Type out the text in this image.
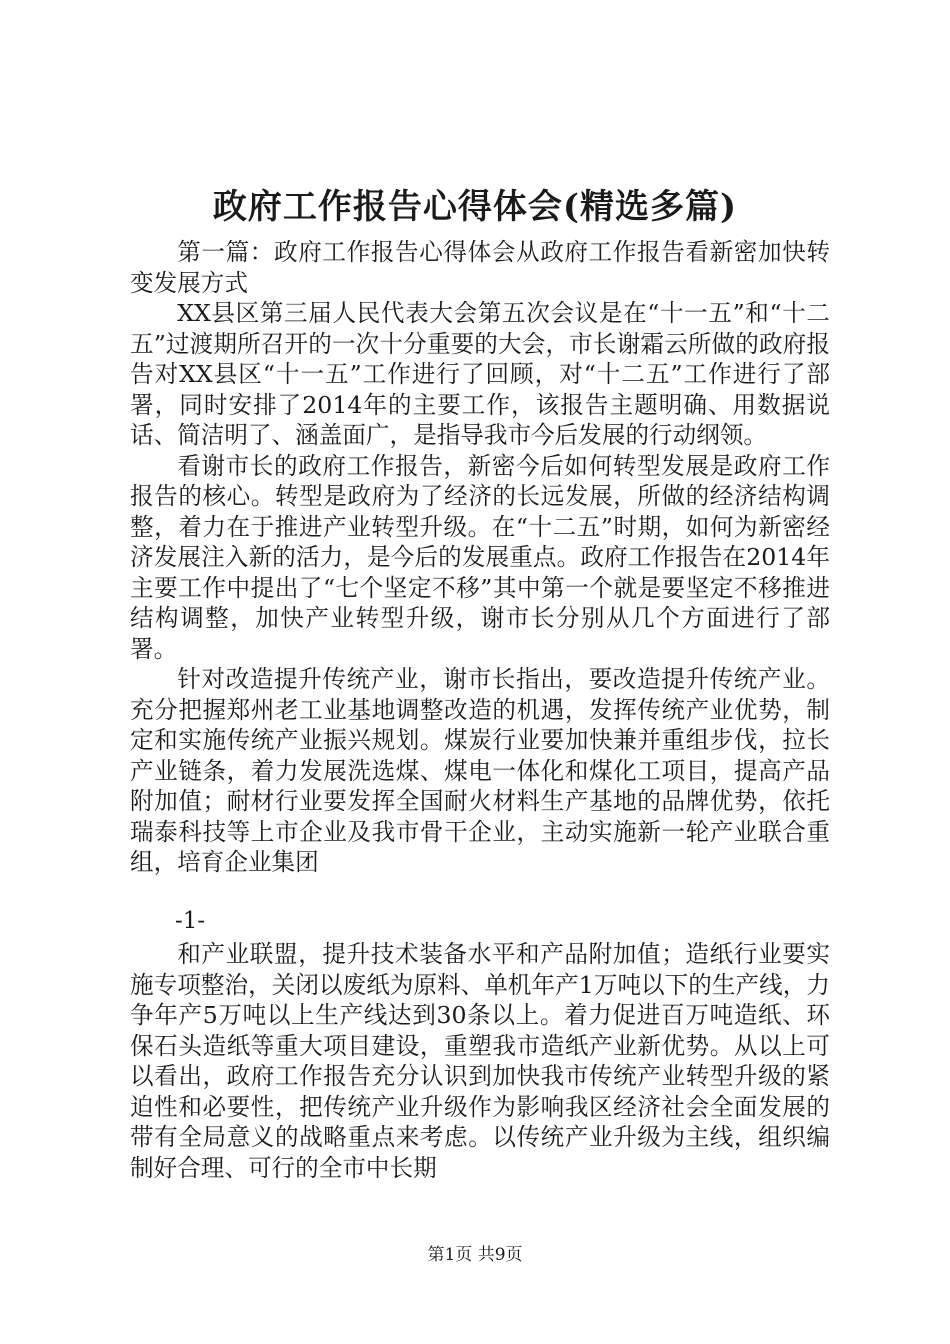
政府工作报告心得体会(精选多篇)

第一篇：政府工作报告心得体会从政府工作报告看新密加快转变发展方式

XX县区第三届人民代表大会第五次会议是在“十一五”和“十二五”过渡期所召开的一次十分重要的大会，市长谢霜云所做的政府报告对XX县区“十一五”工作进行了回顾，对“十二五”工作进行了部署，同时安排了2014年的主要工作，该报告主题明确、用数据说话、简洁明了、涵盖面广，是指导我市今后发展的行动纲领。

看谢市长的政府工作报告，新密今后如何转型发展是政府工作报告的核心。转型是政府为了经济的长远发展，所做的经济结构调整，着力在于推进产业转型升级。在“十二五”时期，如何为新密经济发展注入新的活力，是今后的发展重点。政府工作报告在2014年主要工作中提出了“七个坚定不移”其中第一个就是要坚定不移推进结构调整，加快产业转型升级，谢市长分别从几个方面进行了部署。

针对改造提升传统产业，谢市长指出，要改造提升传统产业。充分把握郑州老工业基地调整改造的机遇，发挥传统产业优势，制定和实施传统产业振兴规划。煤炭行业要加快兼并重组步伐，拉长产业链条，着力发展洗选煤、煤电一体化和煤化工项目，提高产品附加值；耐材行业要发挥全国耐火材料生产基地的品牌优势，依托瑞泰科技等上市企业及我市骨干企业，主动实施新一轮产业联合重组，培育企业集团

-1-

和产业联盟，提升技术装备水平和产品附加值；造纸行业要实施专项整治，关闭以废纸为原料、单机年产1万吨以下的生产线，力争年产5万吨以上生产线达到30条以上。着力促进百万吨造纸、环保石头造纸等重大项目建设，重塑我市造纸产业新优势。从以上可以看出，政府工作报告充分认识到加快我市传统产业转型升级的紧迫性和必要性，把传统产业升级作为影响我区经济社会全面发展的带有全局意义的战略重点来考虑。以传统产业升级为主线，组织编制好合理、可行的全市中长期

第1页 共9页
